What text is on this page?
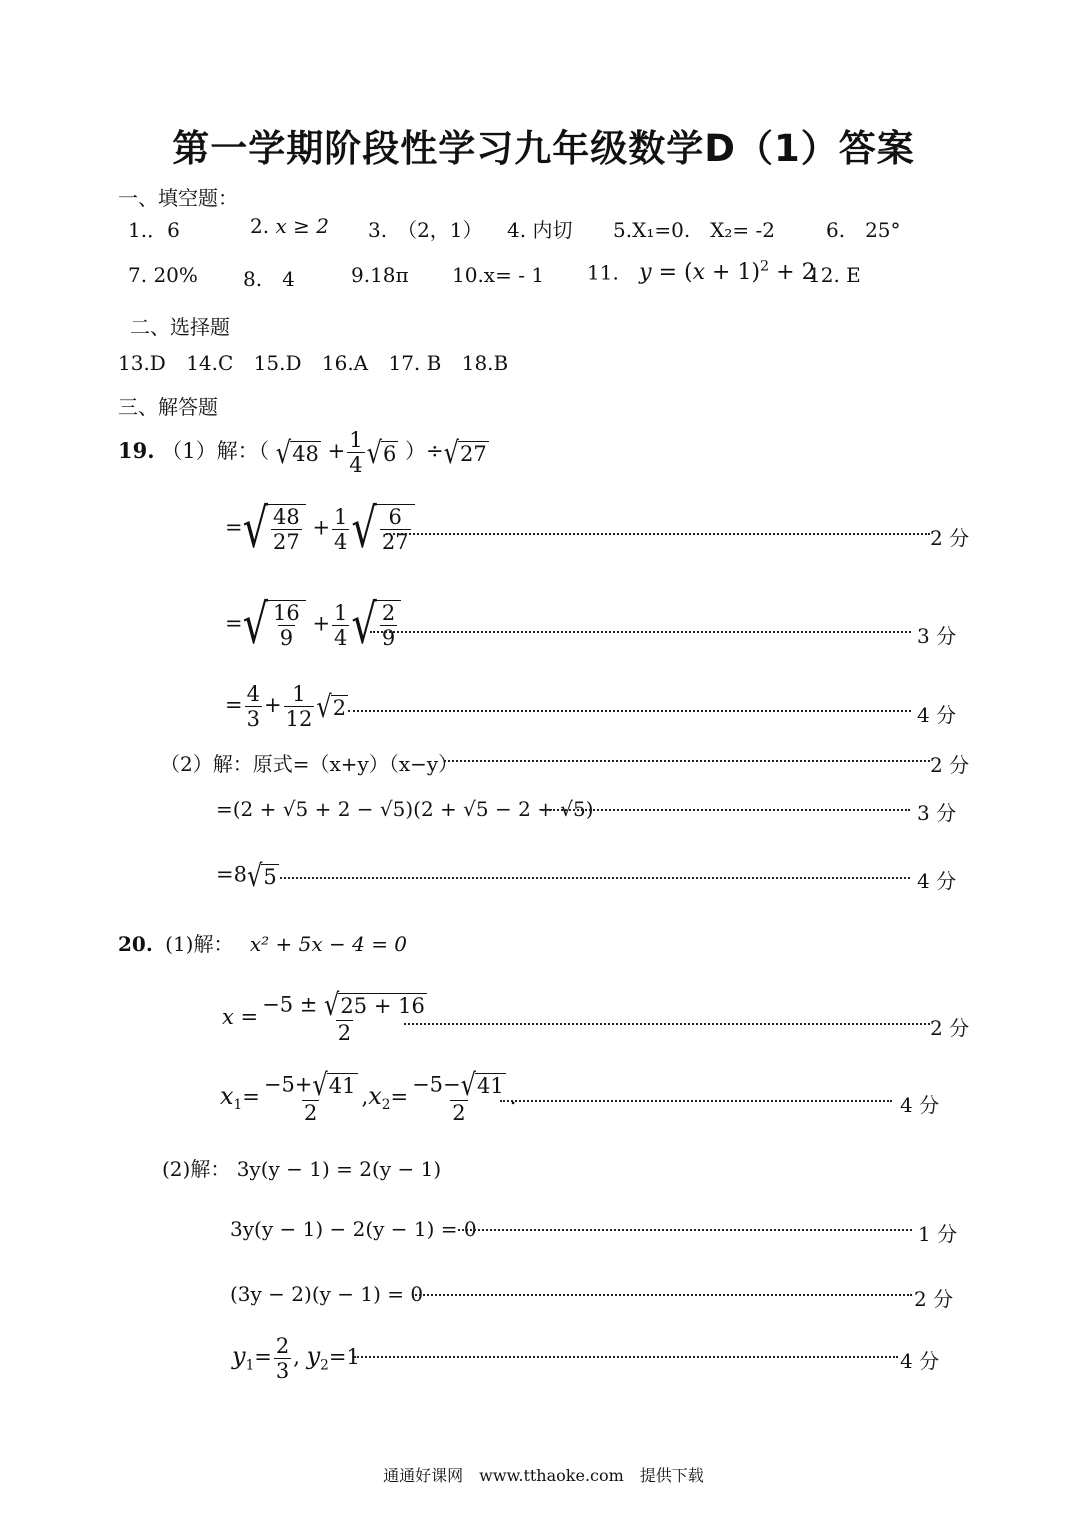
第一学期阶段性学习九年级数学D（1）答案
一、填空题：
1.．6	2. x ≥ 2 3.　（2，1） 4. 内切 5.X₁=0.　X₂= -2	6.　25°
7. 20% 8.　4	9.18π 10.x= - 1 11. $y = (x + 1)^2 + 2$
12. E
二、选择题
13.D 14.C 15.D 16.A 17. B 18.B
三、解答题
19. （1）解：（ $√48 + \frac{1}{4} √6$ ）÷√27
=√ $\frac{48}{27} + \frac{1}{4}$ √ $\frac{6}{27}$	2 分
=√ $\frac{16}{9} + \frac{1}{4}$ √ $\frac{2}{9}$	3 分
= $\frac{4}{3} + \frac{1}{12} √2$	4 分
（2）解：原式=（x+y）（x−y）	2 分
=(2 + √5 + 2 − √5)(2 + √5 − 2 + √5)	3 分
=8√5	4 分
20. (1)解： x² + 5x − 4 = 0
$x = \frac{-5 \pm √25 + 16}{2}$	2 分
$x_1= \frac{-5+√41}{2} ,x_2= \frac{-5-√41}{2}$ .	4 分
(2)解： 3y(y − 1) = 2(y − 1)
3y(y − 1) − 2(y − 1) = 0	1 分
(3y − 2)(y − 1) = 0	2 分
$y_1= \frac{2}{3}$ , $y_2=1$	4 分
通通好课网　www.tthaoke.com　提供下载
